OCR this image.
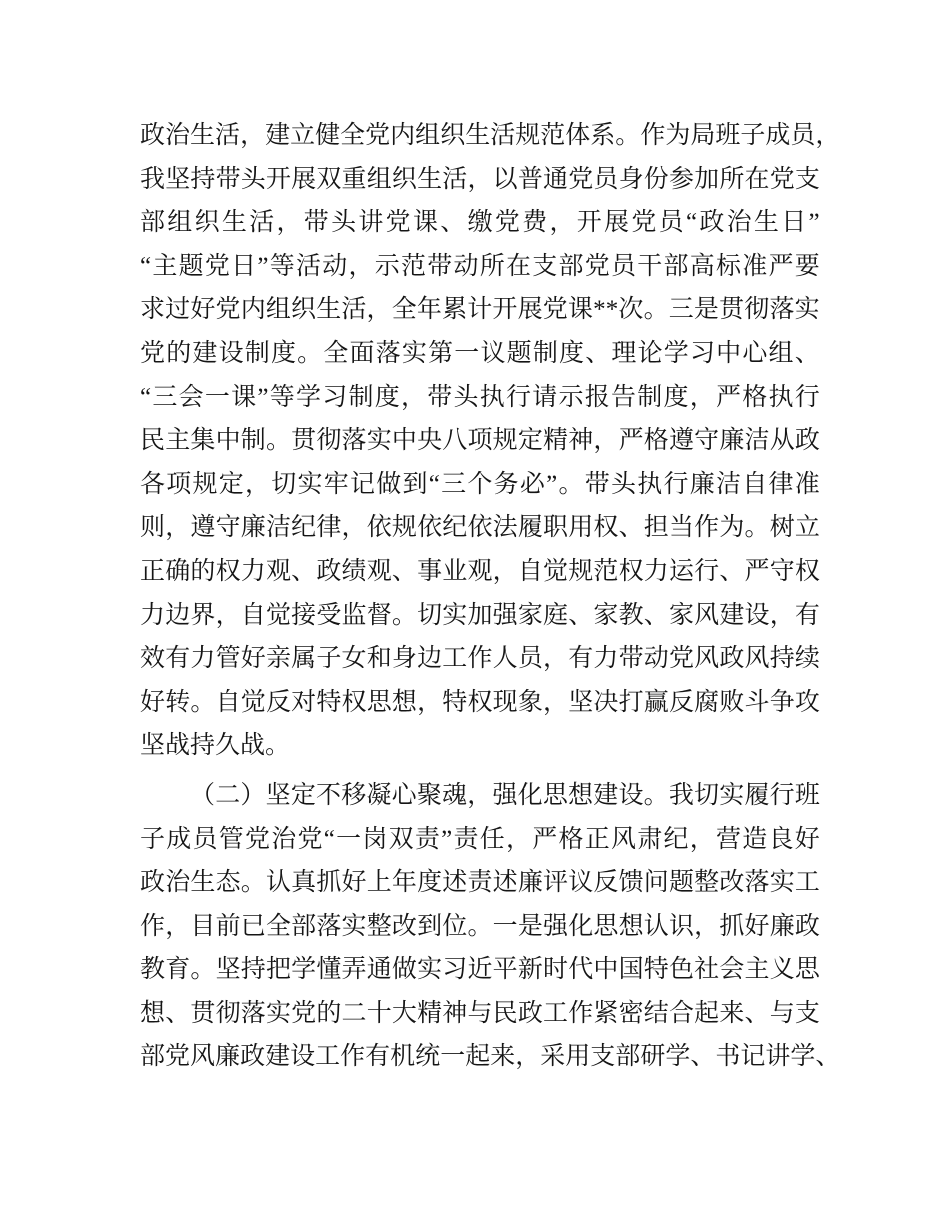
政 治 生 活 ， 建 立 健 全 党 内 组 织 生 活 规 范 体 系 。 作 为 局 班 子 成 员 ，
我 坚 持 带 头 开 展 双 重 组 织 生 活 ， 以 普 通 党 员 身 份 参 加 所 在 党 支
部 组 织 生 活 ， 带 头 讲 党 课 、 缴 党 费 ， 开 展 党 员 “ 政 治 生 日 ”
“ 主 题 党 日 ” 等 活 动 ， 示 范 带 动 所 在 支 部 党 员 干 部 高 标 准 严 要
求 过 好 党 内 组 织 生 活 ， 全 年 累 计 开 展 党 课 * * 次 。 三 是 贯 彻 落 实
党 的 建 设 制 度 。 全 面 落 实 第 一 议 题 制 度 、 理 论 学 习 中 心 组 、
“ 三 会 一 课 ” 等 学 习 制 度 ， 带 头 执 行 请 示 报 告 制 度 ， 严 格 执 行
民 主 集 中 制 。 贯 彻 落 实 中 央 八 项 规 定 精 神 ， 严 格 遵 守 廉 洁 从 政
各 项 规 定 ， 切 实 牢 记 做 到 “ 三 个 务 必 ” 。 带 头 执 行 廉 洁 自 律 准
则 ， 遵 守 廉 洁 纪 律 ， 依 规 依 纪 依 法 履 职 用 权 、 担 当 作 为 。 树 立
正 确 的 权 力 观 、 政 绩 观 、 事 业 观 ， 自 觉 规 范 权 力 运 行 、 严 守 权
力 边 界 ， 自 觉 接 受 监 督 。 切 实 加 强 家 庭 、 家 教 、 家 风 建 设 ， 有
效 有 力 管 好 亲 属 子 女 和 身 边 工 作 人 员 ， 有 力 带 动 党 风 政 风 持 续
好 转 。 自 觉 反 对 特 权 思 想 ， 特 权 现 象 ， 坚 决 打 赢 反 腐 败 斗 争 攻
坚战持久战。
（ 二 ） 坚 定 不 移 凝 心 聚 魂 ， 强 化 思 想 建 设 。 我 切 实 履 行 班
子 成 员 管 党 治 党 “ 一 岗 双 责 ” 责 任 ， 严 格 正 风 肃 纪 ， 营 造 良 好
政 治 生 态 。 认 真 抓 好 上 年 度 述 责 述 廉 评 议 反 馈 问 题 整 改 落 实 工
作 ， 目 前 已 全 部 落 实 整 改 到 位 。 一 是 强 化 思 想 认 识 ， 抓 好 廉 政
教 育 。 坚 持 把 学 懂 弄 通 做 实 习 近 平 新 时 代 中 国 特 色 社 会 主 义 思
想 、 贯 彻 落 实 党 的 二 十 大 精 神 与 民 政 工 作 紧 密 结 合 起 来 、 与 支
部 党 风 廉 政 建 设 工 作 有 机 统 一 起 来 ， 采 用 支 部 研 学 、 书 记 讲 学 、
